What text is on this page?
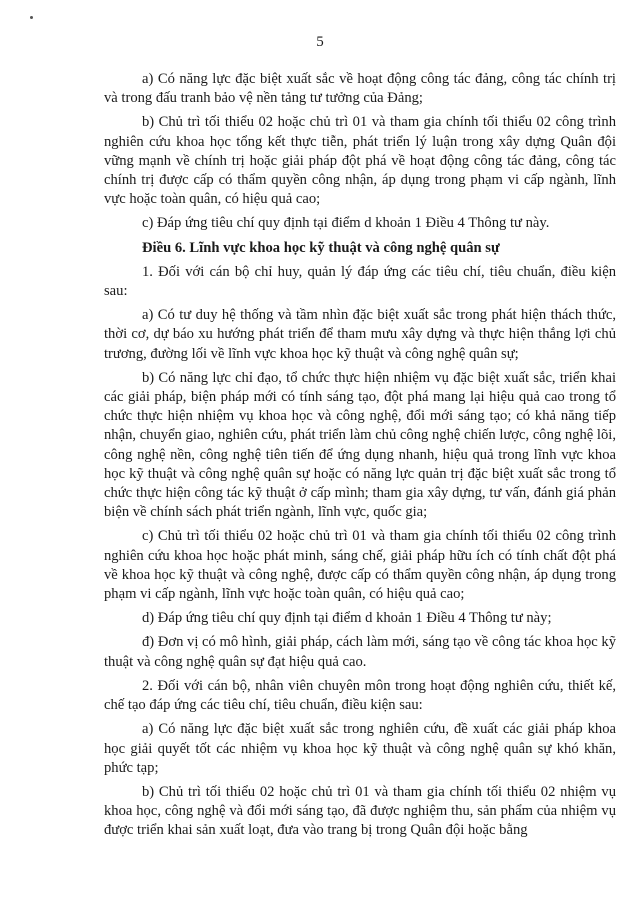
5

a) Có năng lực đặc biệt xuất sắc về hoạt động công tác đảng, công tác chính trị và trong đấu tranh bảo vệ nền tảng tư tưởng của Đảng;

b) Chủ trì tối thiểu 02 hoặc chủ trì 01 và tham gia chính tối thiểu 02 công trình nghiên cứu khoa học tổng kết thực tiễn, phát triển lý luận trong xây dựng Quân đội vững mạnh về chính trị hoặc giải pháp đột phá về hoạt động công tác đảng, công tác chính trị được cấp có thẩm quyền công nhận, áp dụng trong phạm vi cấp ngành, lĩnh vực hoặc toàn quân, có hiệu quả cao;

c) Đáp ứng tiêu chí quy định tại điểm d khoản 1 Điều 4 Thông tư này.

Điều 6. Lĩnh vực khoa học kỹ thuật và công nghệ quân sự

1. Đối với cán bộ chỉ huy, quản lý đáp ứng các tiêu chí, tiêu chuẩn, điều kiện sau:

a) Có tư duy hệ thống và tầm nhìn đặc biệt xuất sắc trong phát hiện thách thức, thời cơ, dự báo xu hướng phát triển để tham mưu xây dựng và thực hiện thắng lợi chủ trương, đường lối về lĩnh vực khoa học kỹ thuật và công nghệ quân sự;

b) Có năng lực chỉ đạo, tổ chức thực hiện nhiệm vụ đặc biệt xuất sắc, triển khai các giải pháp, biện pháp mới có tính sáng tạo, đột phá mang lại hiệu quả cao trong tổ chức thực hiện nhiệm vụ khoa học và công nghệ, đổi mới sáng tạo; có khả năng tiếp nhận, chuyển giao, nghiên cứu, phát triển làm chủ công nghệ chiến lược, công nghệ lõi, công nghệ nền, công nghệ tiên tiến để ứng dụng nhanh, hiệu quả trong lĩnh vực khoa học kỹ thuật và công nghệ quân sự hoặc có năng lực quản trị đặc biệt xuất sắc trong tổ chức thực hiện công tác kỹ thuật ở cấp mình; tham gia xây dựng, tư vấn, đánh giá phản biện về chính sách phát triển ngành, lĩnh vực, quốc gia;

c) Chủ trì tối thiểu 02 hoặc chủ trì 01 và tham gia chính tối thiểu 02 công trình nghiên cứu khoa học hoặc phát minh, sáng chế, giải pháp hữu ích có tính chất đột phá về khoa học kỹ thuật và công nghệ, được cấp có thẩm quyền công nhận, áp dụng trong phạm vi cấp ngành, lĩnh vực hoặc toàn quân, có hiệu quả cao;

d) Đáp ứng tiêu chí quy định tại điểm d khoản 1 Điều 4 Thông tư này;

đ) Đơn vị có mô hình, giải pháp, cách làm mới, sáng tạo về công tác khoa học kỹ thuật và công nghệ quân sự đạt hiệu quả cao.

2. Đối với cán bộ, nhân viên chuyên môn trong hoạt động nghiên cứu, thiết kế, chế tạo đáp ứng các tiêu chí, tiêu chuẩn, điều kiện sau:

a) Có năng lực đặc biệt xuất sắc trong nghiên cứu, đề xuất các giải pháp khoa học giải quyết tốt các nhiệm vụ khoa học kỹ thuật và công nghệ quân sự khó khăn, phức tạp;

b) Chủ trì tối thiểu 02 hoặc chủ trì 01 và tham gia chính tối thiểu 02 nhiệm vụ khoa học, công nghệ và đổi mới sáng tạo, đã được nghiệm thu, sản phẩm của nhiệm vụ được triển khai sản xuất loạt, đưa vào trang bị trong Quân đội hoặc bằng
